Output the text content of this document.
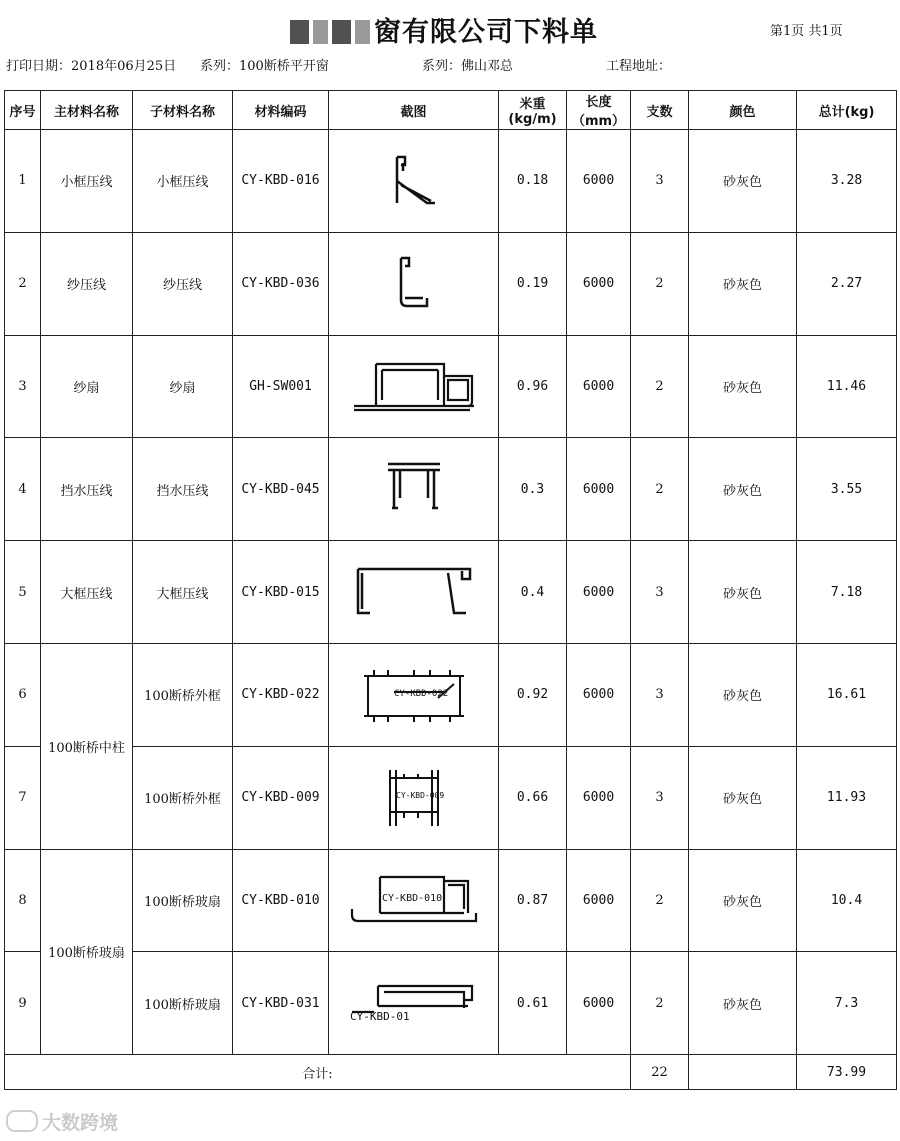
窗有限公司下料单	第1页 共1页
打印日期：2018年06月25日 系列：100断桥平开窗	系列：佛山邓总	工程地址：
序号	主材料名称	子材料名称	材料编码	截图	米重(kg/m)	长度（mm）	支数	颜色	总计(kg)
1	小框压线	小框压线	CY-KBD-016		0.18	6000	3	砂灰色	3.28
2	纱压线	纱压线	CY-KBD-036		0.19	6000	2	砂灰色	2.27
3	纱扇	纱扇	GH-SW001		0.96	6000	2	砂灰色	11.46
4	挡水压线	挡水压线	CY-KBD-045		0.3	6000	2	砂灰色	3.55
5	大框压线	大框压线	CY-KBD-015		0.4	6000	3	砂灰色	7.18
6	100断桥中柱	100断桥外框	CY-KBD-022	CY-KBD-022	0.92	6000	3	砂灰色	16.61
7		100断桥外框	CY-KBD-009	CY-KBD-009	0.66	6000	3	砂灰色	11.93
8	100断桥玻扇	100断桥玻扇	CY-KBD-010	CY-KBD-010	0.87	6000	2	砂灰色	10.4
9		100断桥玻扇	CY-KBD-031	CY-KBD-01	0.61	6000	2	砂灰色	7.3
合计:							22		73.99
大数跨境
